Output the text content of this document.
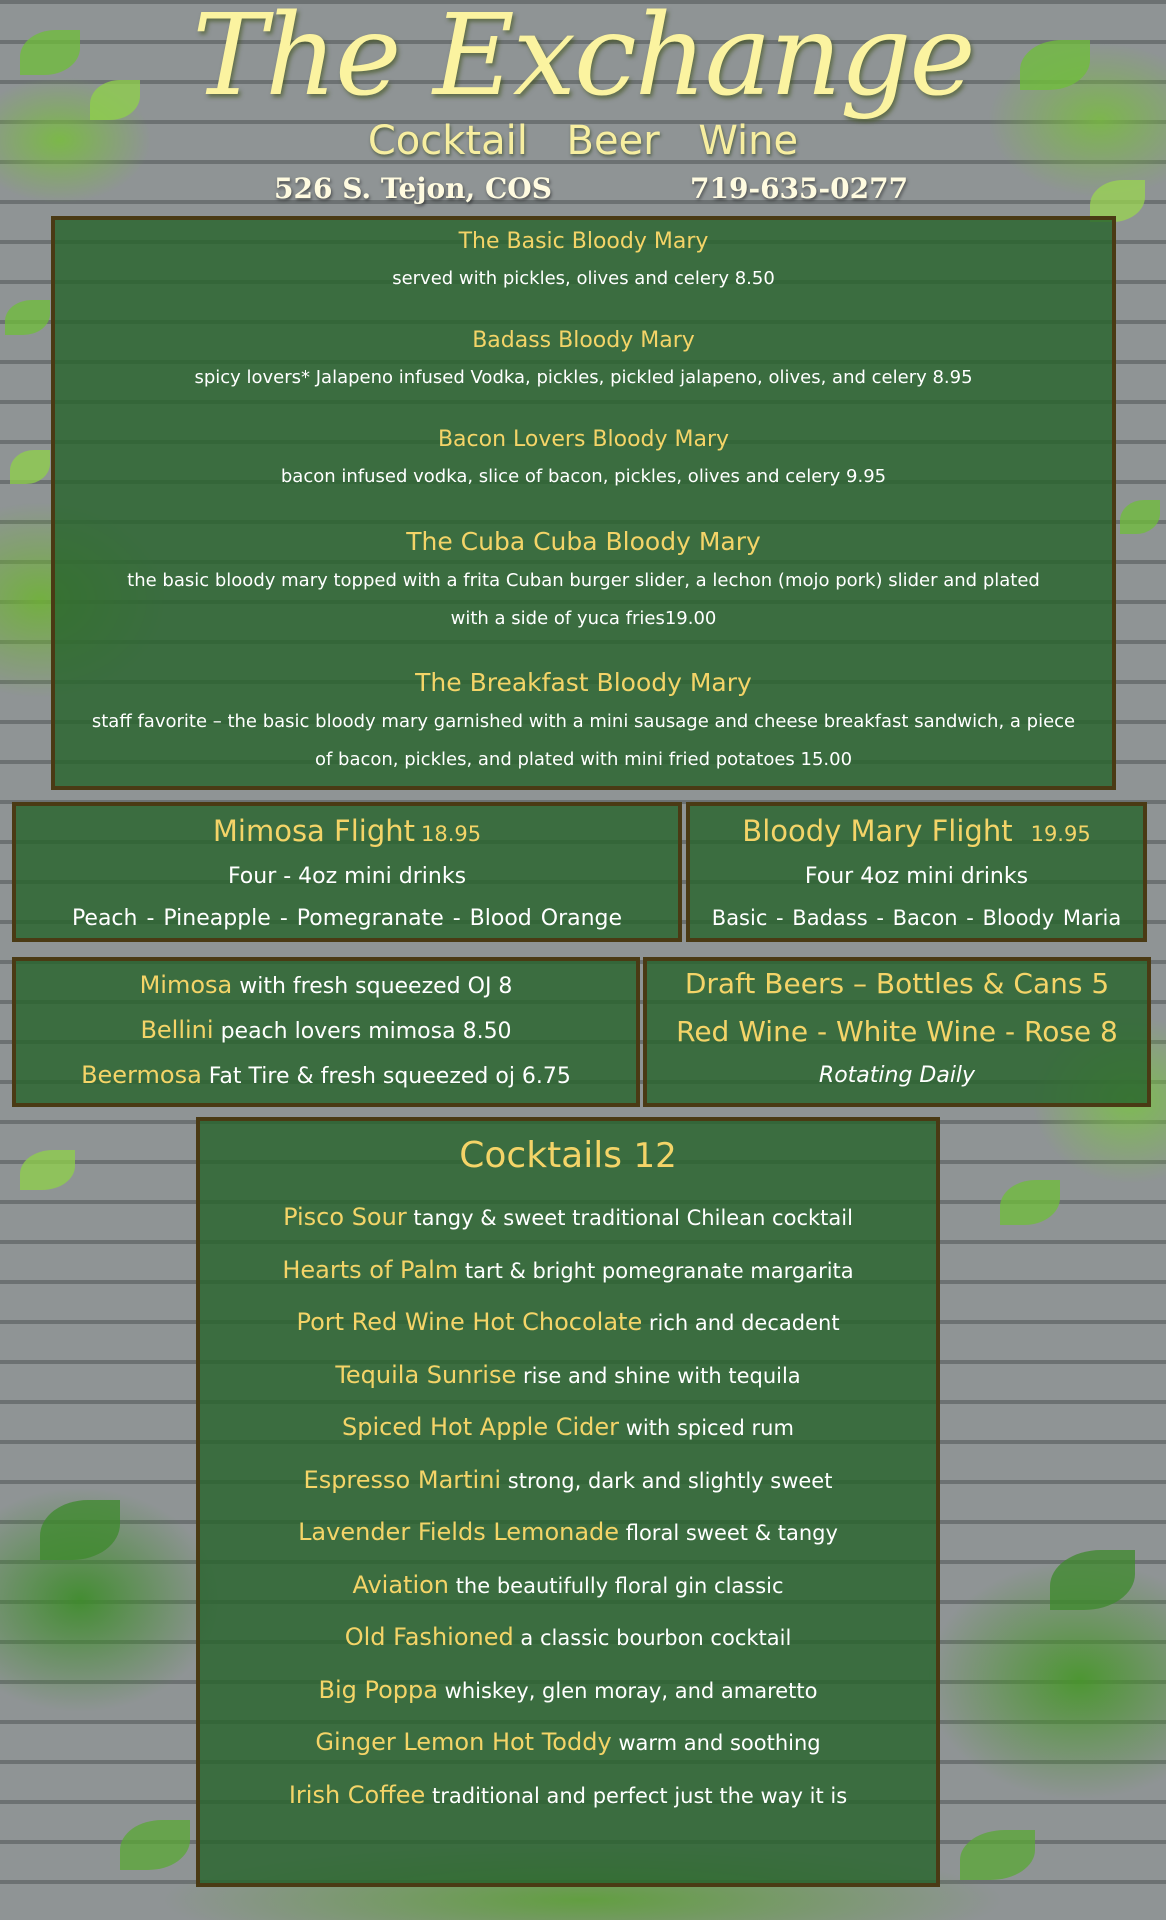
The Exchange
Cocktail Beer Wine
526 S. Tejon, COS	719-635-0277
The Basic Bloody Mary
served with pickles, olives and celery 8.50
Badass Bloody Mary
spicy lovers* Jalapeno infused Vodka, pickles, pickled jalapeno, olives, and celery 8.95
Bacon Lovers Bloody Mary
bacon infused vodka, slice of bacon, pickles, olives and celery 9.95
The Cuba Cuba Bloody Mary
the basic bloody mary topped with a frita Cuban burger slider, a lechon (mojo pork) slider and plated with a side of yuca fries19.00
The Breakfast Bloody Mary
staff favorite – the basic bloody mary garnished with a mini sausage and cheese breakfast sandwich, a piece of bacon, pickles, and plated with mini fried potatoes 15.00
Mimosa Flight 18.95
Four - 4oz mini drinks
Peach - Pineapple - Pomegranate - Blood Orange
Bloody Mary Flight 19.95
Four 4oz mini drinks
Basic - Badass - Bacon - Bloody Maria
Mimosa with fresh squeezed OJ 8
Bellini peach lovers mimosa 8.50
Beermosa Fat Tire & fresh squeezed oj 6.75
Draft Beers – Bottles & Cans 5
Red Wine - White Wine - Rose 8
Rotating Daily
Cocktails 12
Pisco Sour tangy & sweet traditional Chilean cocktail
Hearts of Palm tart & bright pomegranate margarita
Port Red Wine Hot Chocolate rich and decadent
Tequila Sunrise rise and shine with tequila
Spiced Hot Apple Cider with spiced rum
Espresso Martini strong, dark and slightly sweet
Lavender Fields Lemonade floral sweet & tangy
Aviation the beautifully floral gin classic
Old Fashioned a classic bourbon cocktail
Big Poppa whiskey, glen moray, and amaretto
Ginger Lemon Hot Toddy warm and soothing
Irish Coffee traditional and perfect just the way it is
